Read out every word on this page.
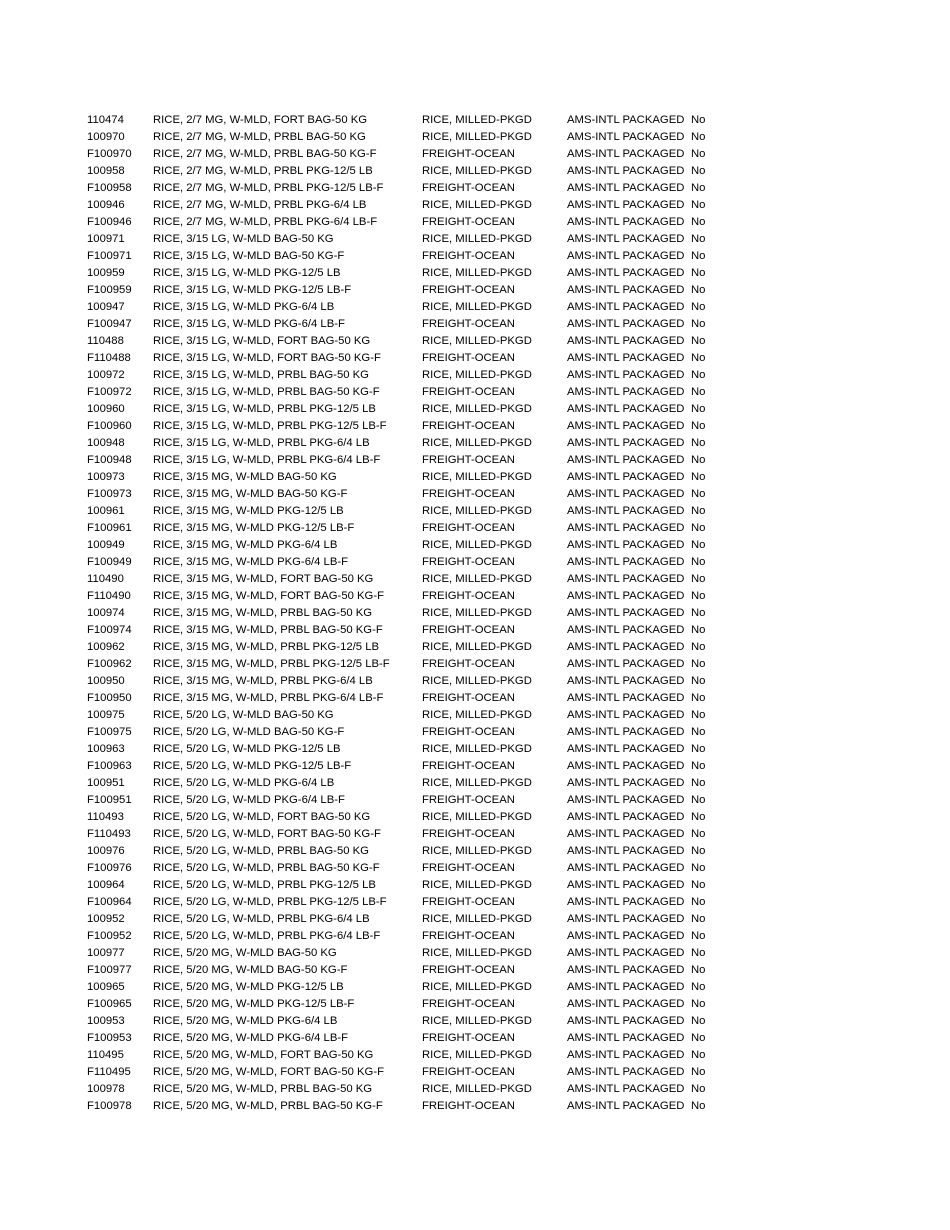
110474	RICE, 2/7 MG, W-MLD, FORT BAG-50 KG	RICE, MILLED-PKGD	AMS-INTL PACKAGED	No
100970	RICE, 2/7 MG, W-MLD, PRBL BAG-50 KG	RICE, MILLED-PKGD	AMS-INTL PACKAGED	No
F100970	RICE, 2/7 MG, W-MLD, PRBL BAG-50 KG-F	FREIGHT-OCEAN	AMS-INTL PACKAGED	No
100958	RICE, 2/7 MG, W-MLD, PRBL PKG-12/5 LB	RICE, MILLED-PKGD	AMS-INTL PACKAGED	No
F100958	RICE, 2/7 MG, W-MLD, PRBL PKG-12/5 LB-F	FREIGHT-OCEAN	AMS-INTL PACKAGED	No
100946	RICE, 2/7 MG, W-MLD, PRBL PKG-6/4 LB	RICE, MILLED-PKGD	AMS-INTL PACKAGED	No
F100946	RICE, 2/7 MG, W-MLD, PRBL PKG-6/4 LB-F	FREIGHT-OCEAN	AMS-INTL PACKAGED	No
100971	RICE, 3/15 LG, W-MLD BAG-50 KG	RICE, MILLED-PKGD	AMS-INTL PACKAGED	No
F100971	RICE, 3/15 LG, W-MLD BAG-50 KG-F	FREIGHT-OCEAN	AMS-INTL PACKAGED	No
100959	RICE, 3/15 LG, W-MLD PKG-12/5 LB	RICE, MILLED-PKGD	AMS-INTL PACKAGED	No
F100959	RICE, 3/15 LG, W-MLD PKG-12/5 LB-F	FREIGHT-OCEAN	AMS-INTL PACKAGED	No
100947	RICE, 3/15 LG, W-MLD PKG-6/4 LB	RICE, MILLED-PKGD	AMS-INTL PACKAGED	No
F100947	RICE, 3/15 LG, W-MLD PKG-6/4 LB-F	FREIGHT-OCEAN	AMS-INTL PACKAGED	No
110488	RICE, 3/15 LG, W-MLD, FORT BAG-50 KG	RICE, MILLED-PKGD	AMS-INTL PACKAGED	No
F110488	RICE, 3/15 LG, W-MLD, FORT BAG-50 KG-F	FREIGHT-OCEAN	AMS-INTL PACKAGED	No
100972	RICE, 3/15 LG, W-MLD, PRBL BAG-50 KG	RICE, MILLED-PKGD	AMS-INTL PACKAGED	No
F100972	RICE, 3/15 LG, W-MLD, PRBL BAG-50 KG-F	FREIGHT-OCEAN	AMS-INTL PACKAGED	No
100960	RICE, 3/15 LG, W-MLD, PRBL PKG-12/5 LB	RICE, MILLED-PKGD	AMS-INTL PACKAGED	No
F100960	RICE, 3/15 LG, W-MLD, PRBL PKG-12/5 LB-F	FREIGHT-OCEAN	AMS-INTL PACKAGED	No
100948	RICE, 3/15 LG, W-MLD, PRBL PKG-6/4 LB	RICE, MILLED-PKGD	AMS-INTL PACKAGED	No
F100948	RICE, 3/15 LG, W-MLD, PRBL PKG-6/4 LB-F	FREIGHT-OCEAN	AMS-INTL PACKAGED	No
100973	RICE, 3/15 MG, W-MLD BAG-50 KG	RICE, MILLED-PKGD	AMS-INTL PACKAGED	No
F100973	RICE, 3/15 MG, W-MLD BAG-50 KG-F	FREIGHT-OCEAN	AMS-INTL PACKAGED	No
100961	RICE, 3/15 MG, W-MLD PKG-12/5 LB	RICE, MILLED-PKGD	AMS-INTL PACKAGED	No
F100961	RICE, 3/15 MG, W-MLD PKG-12/5 LB-F	FREIGHT-OCEAN	AMS-INTL PACKAGED	No
100949	RICE, 3/15 MG, W-MLD PKG-6/4 LB	RICE, MILLED-PKGD	AMS-INTL PACKAGED	No
F100949	RICE, 3/15 MG, W-MLD PKG-6/4 LB-F	FREIGHT-OCEAN	AMS-INTL PACKAGED	No
110490	RICE, 3/15 MG, W-MLD, FORT BAG-50 KG	RICE, MILLED-PKGD	AMS-INTL PACKAGED	No
F110490	RICE, 3/15 MG, W-MLD, FORT BAG-50 KG-F	FREIGHT-OCEAN	AMS-INTL PACKAGED	No
100974	RICE, 3/15 MG, W-MLD, PRBL BAG-50 KG	RICE, MILLED-PKGD	AMS-INTL PACKAGED	No
F100974	RICE, 3/15 MG, W-MLD, PRBL BAG-50 KG-F	FREIGHT-OCEAN	AMS-INTL PACKAGED	No
100962	RICE, 3/15 MG, W-MLD, PRBL PKG-12/5 LB	RICE, MILLED-PKGD	AMS-INTL PACKAGED	No
F100962	RICE, 3/15 MG, W-MLD, PRBL PKG-12/5 LB-F	FREIGHT-OCEAN	AMS-INTL PACKAGED	No
100950	RICE, 3/15 MG, W-MLD, PRBL PKG-6/4 LB	RICE, MILLED-PKGD	AMS-INTL PACKAGED	No
F100950	RICE, 3/15 MG, W-MLD, PRBL PKG-6/4 LB-F	FREIGHT-OCEAN	AMS-INTL PACKAGED	No
100975	RICE, 5/20 LG, W-MLD BAG-50 KG	RICE, MILLED-PKGD	AMS-INTL PACKAGED	No
F100975	RICE, 5/20 LG, W-MLD BAG-50 KG-F	FREIGHT-OCEAN	AMS-INTL PACKAGED	No
100963	RICE, 5/20 LG, W-MLD PKG-12/5 LB	RICE, MILLED-PKGD	AMS-INTL PACKAGED	No
F100963	RICE, 5/20 LG, W-MLD PKG-12/5 LB-F	FREIGHT-OCEAN	AMS-INTL PACKAGED	No
100951	RICE, 5/20 LG, W-MLD PKG-6/4 LB	RICE, MILLED-PKGD	AMS-INTL PACKAGED	No
F100951	RICE, 5/20 LG, W-MLD PKG-6/4 LB-F	FREIGHT-OCEAN	AMS-INTL PACKAGED	No
110493	RICE, 5/20 LG, W-MLD, FORT BAG-50 KG	RICE, MILLED-PKGD	AMS-INTL PACKAGED	No
F110493	RICE, 5/20 LG, W-MLD, FORT BAG-50 KG-F	FREIGHT-OCEAN	AMS-INTL PACKAGED	No
100976	RICE, 5/20 LG, W-MLD, PRBL BAG-50 KG	RICE, MILLED-PKGD	AMS-INTL PACKAGED	No
F100976	RICE, 5/20 LG, W-MLD, PRBL BAG-50 KG-F	FREIGHT-OCEAN	AMS-INTL PACKAGED	No
100964	RICE, 5/20 LG, W-MLD, PRBL PKG-12/5 LB	RICE, MILLED-PKGD	AMS-INTL PACKAGED	No
F100964	RICE, 5/20 LG, W-MLD, PRBL PKG-12/5 LB-F	FREIGHT-OCEAN	AMS-INTL PACKAGED	No
100952	RICE, 5/20 LG, W-MLD, PRBL PKG-6/4 LB	RICE, MILLED-PKGD	AMS-INTL PACKAGED	No
F100952	RICE, 5/20 LG, W-MLD, PRBL PKG-6/4 LB-F	FREIGHT-OCEAN	AMS-INTL PACKAGED	No
100977	RICE, 5/20 MG, W-MLD BAG-50 KG	RICE, MILLED-PKGD	AMS-INTL PACKAGED	No
F100977	RICE, 5/20 MG, W-MLD BAG-50 KG-F	FREIGHT-OCEAN	AMS-INTL PACKAGED	No
100965	RICE, 5/20 MG, W-MLD PKG-12/5 LB	RICE, MILLED-PKGD	AMS-INTL PACKAGED	No
F100965	RICE, 5/20 MG, W-MLD PKG-12/5 LB-F	FREIGHT-OCEAN	AMS-INTL PACKAGED	No
100953	RICE, 5/20 MG, W-MLD PKG-6/4 LB	RICE, MILLED-PKGD	AMS-INTL PACKAGED	No
F100953	RICE, 5/20 MG, W-MLD PKG-6/4 LB-F	FREIGHT-OCEAN	AMS-INTL PACKAGED	No
110495	RICE, 5/20 MG, W-MLD, FORT BAG-50 KG	RICE, MILLED-PKGD	AMS-INTL PACKAGED	No
F110495	RICE, 5/20 MG, W-MLD, FORT BAG-50 KG-F	FREIGHT-OCEAN	AMS-INTL PACKAGED	No
100978	RICE, 5/20 MG, W-MLD, PRBL BAG-50 KG	RICE, MILLED-PKGD	AMS-INTL PACKAGED	No
F100978	RICE, 5/20 MG, W-MLD, PRBL BAG-50 KG-F	FREIGHT-OCEAN	AMS-INTL PACKAGED	No
